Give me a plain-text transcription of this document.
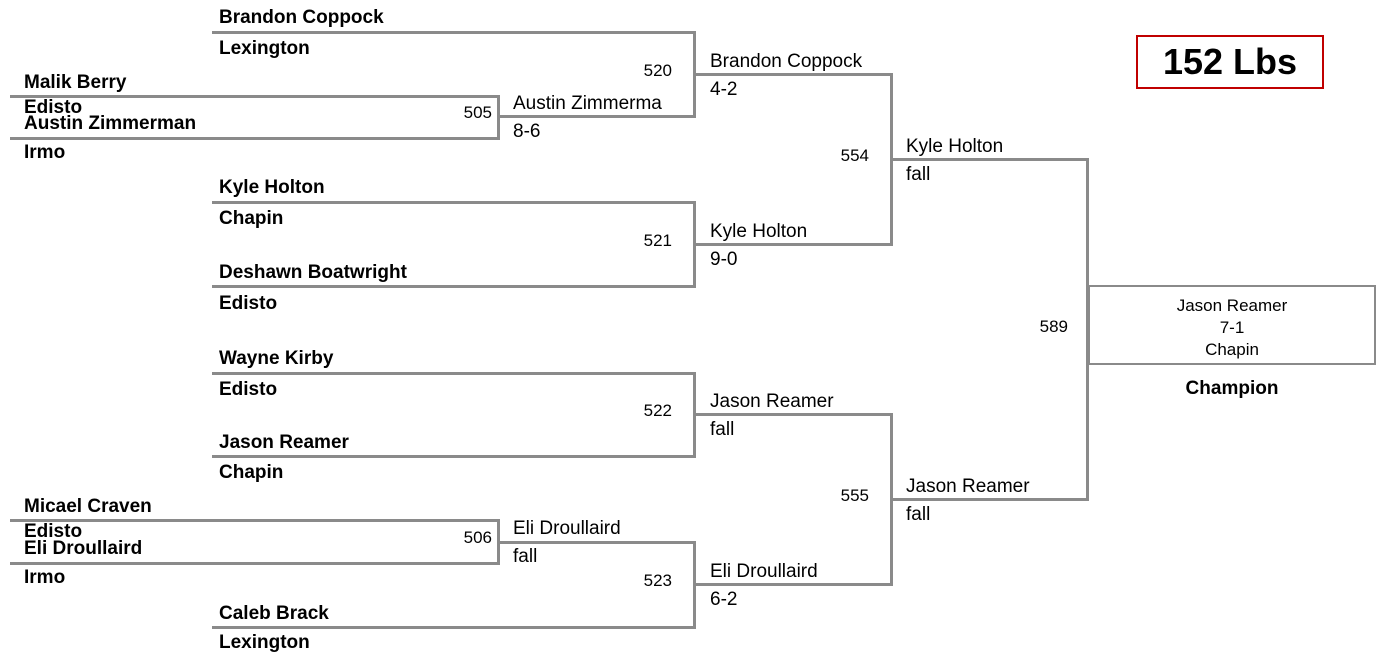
152 Lbs
Jason Reamer
7-1
Chapin
Champion
Malik Berry
Edisto
Austin Zimmerman
Irmo
505 Austin Zimmerma
8-6
Micael Craven
Edisto
Eli Droullaird
Irmo
506 Eli Droullaird
fall
Brandon Coppock
Lexington
520 Brandon Coppock
4-2
Kyle Holton
Chapin
Deshawn Boatwright
Edisto
521 Kyle Holton
9-0
Wayne Kirby
Edisto
Jason Reamer
Chapin
522 Jason Reamer
fall
Caleb Brack
Lexington
523 Eli Droullaird
6-2
554 Kyle Holton
fall
555 Jason Reamer
fall
589
